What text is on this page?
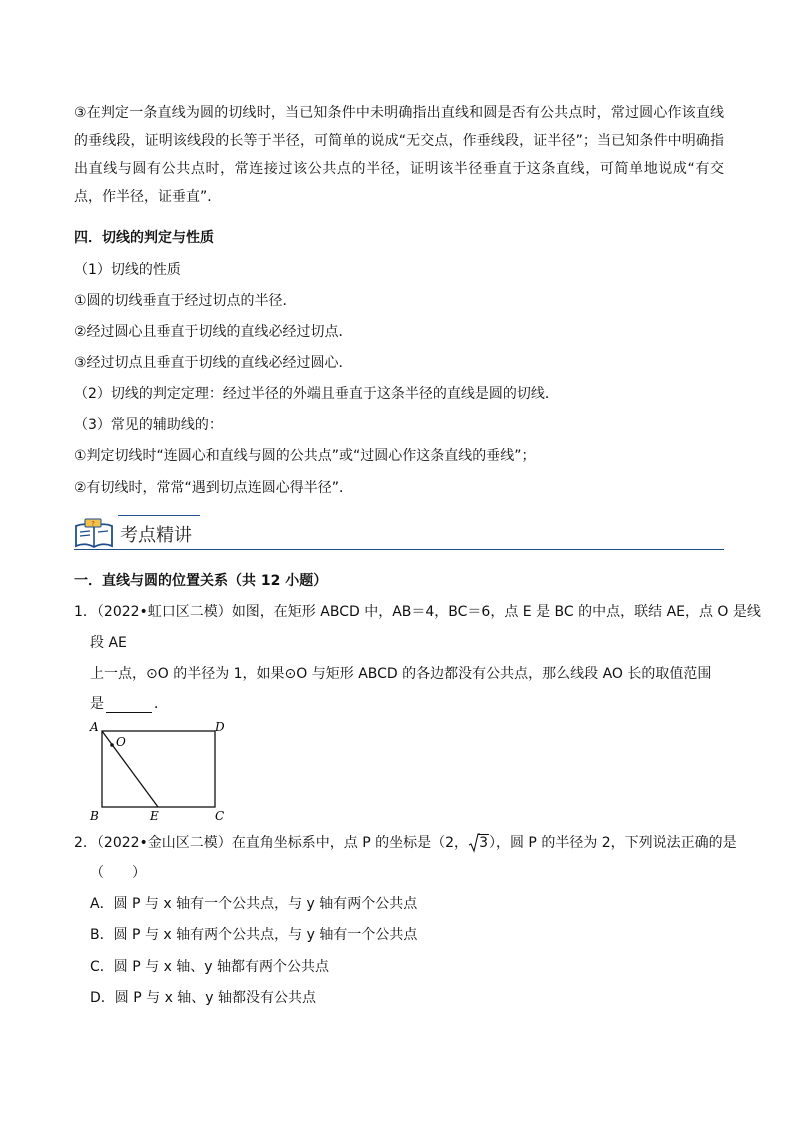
③在判定一条直线为圆的切线时，当已知条件中未明确指出直线和圆是否有公共点时，常过圆心作该直线的垂线段，证明该线段的长等于半径，可简单的说成“无交点，作垂线段，证半径”；当已知条件中明确指出直线与圆有公共点时，常连接过该公共点的半径，证明该半径垂直于这条直线，可简单地说成“有交点，作半径，证垂直”．
四．切线的判定与性质
（1）切线的性质
①圆的切线垂直于经过切点的半径．
②经过圆心且垂直于切线的直线必经过切点．
③经过切点且垂直于切线的直线必经过圆心．
（2）切线的判定定理：经过半径的外端且垂直于这条半径的直线是圆的切线．
（3）常见的辅助线的：
①判定切线时“连圆心和直线与圆的公共点”或“过圆心作这条直线的垂线”；
②有切线时，常常“遇到切点连圆心得半径”．
?
考点精讲
一．直线与圆的位置关系（共 12 小题）
1．（2022•虹口区二模）如图，在矩形 ABCD 中，AB＝4，BC＝6，点 E 是 BC 的中点，联结 AE，点 O 是线
段 AE
上一点，⊙O 的半径为 1，如果⊙O 与矩形 ABCD 的各边都没有公共点，那么线段 AO 长的取值范围
是	．
A	D
B	C
E
O
2．（2022•金山区二模）在直角坐标系中，点 P 的坐标是（2， 3），圆 P 的半径为 2，下列说法正确的是
（　　）
A．圆 P 与 x 轴有一个公共点，与 y 轴有两个公共点
B．圆 P 与 x 轴有两个公共点，与 y 轴有一个公共点
C．圆 P 与 x 轴、y 轴都有两个公共点
D．圆 P 与 x 轴、y 轴都没有公共点
